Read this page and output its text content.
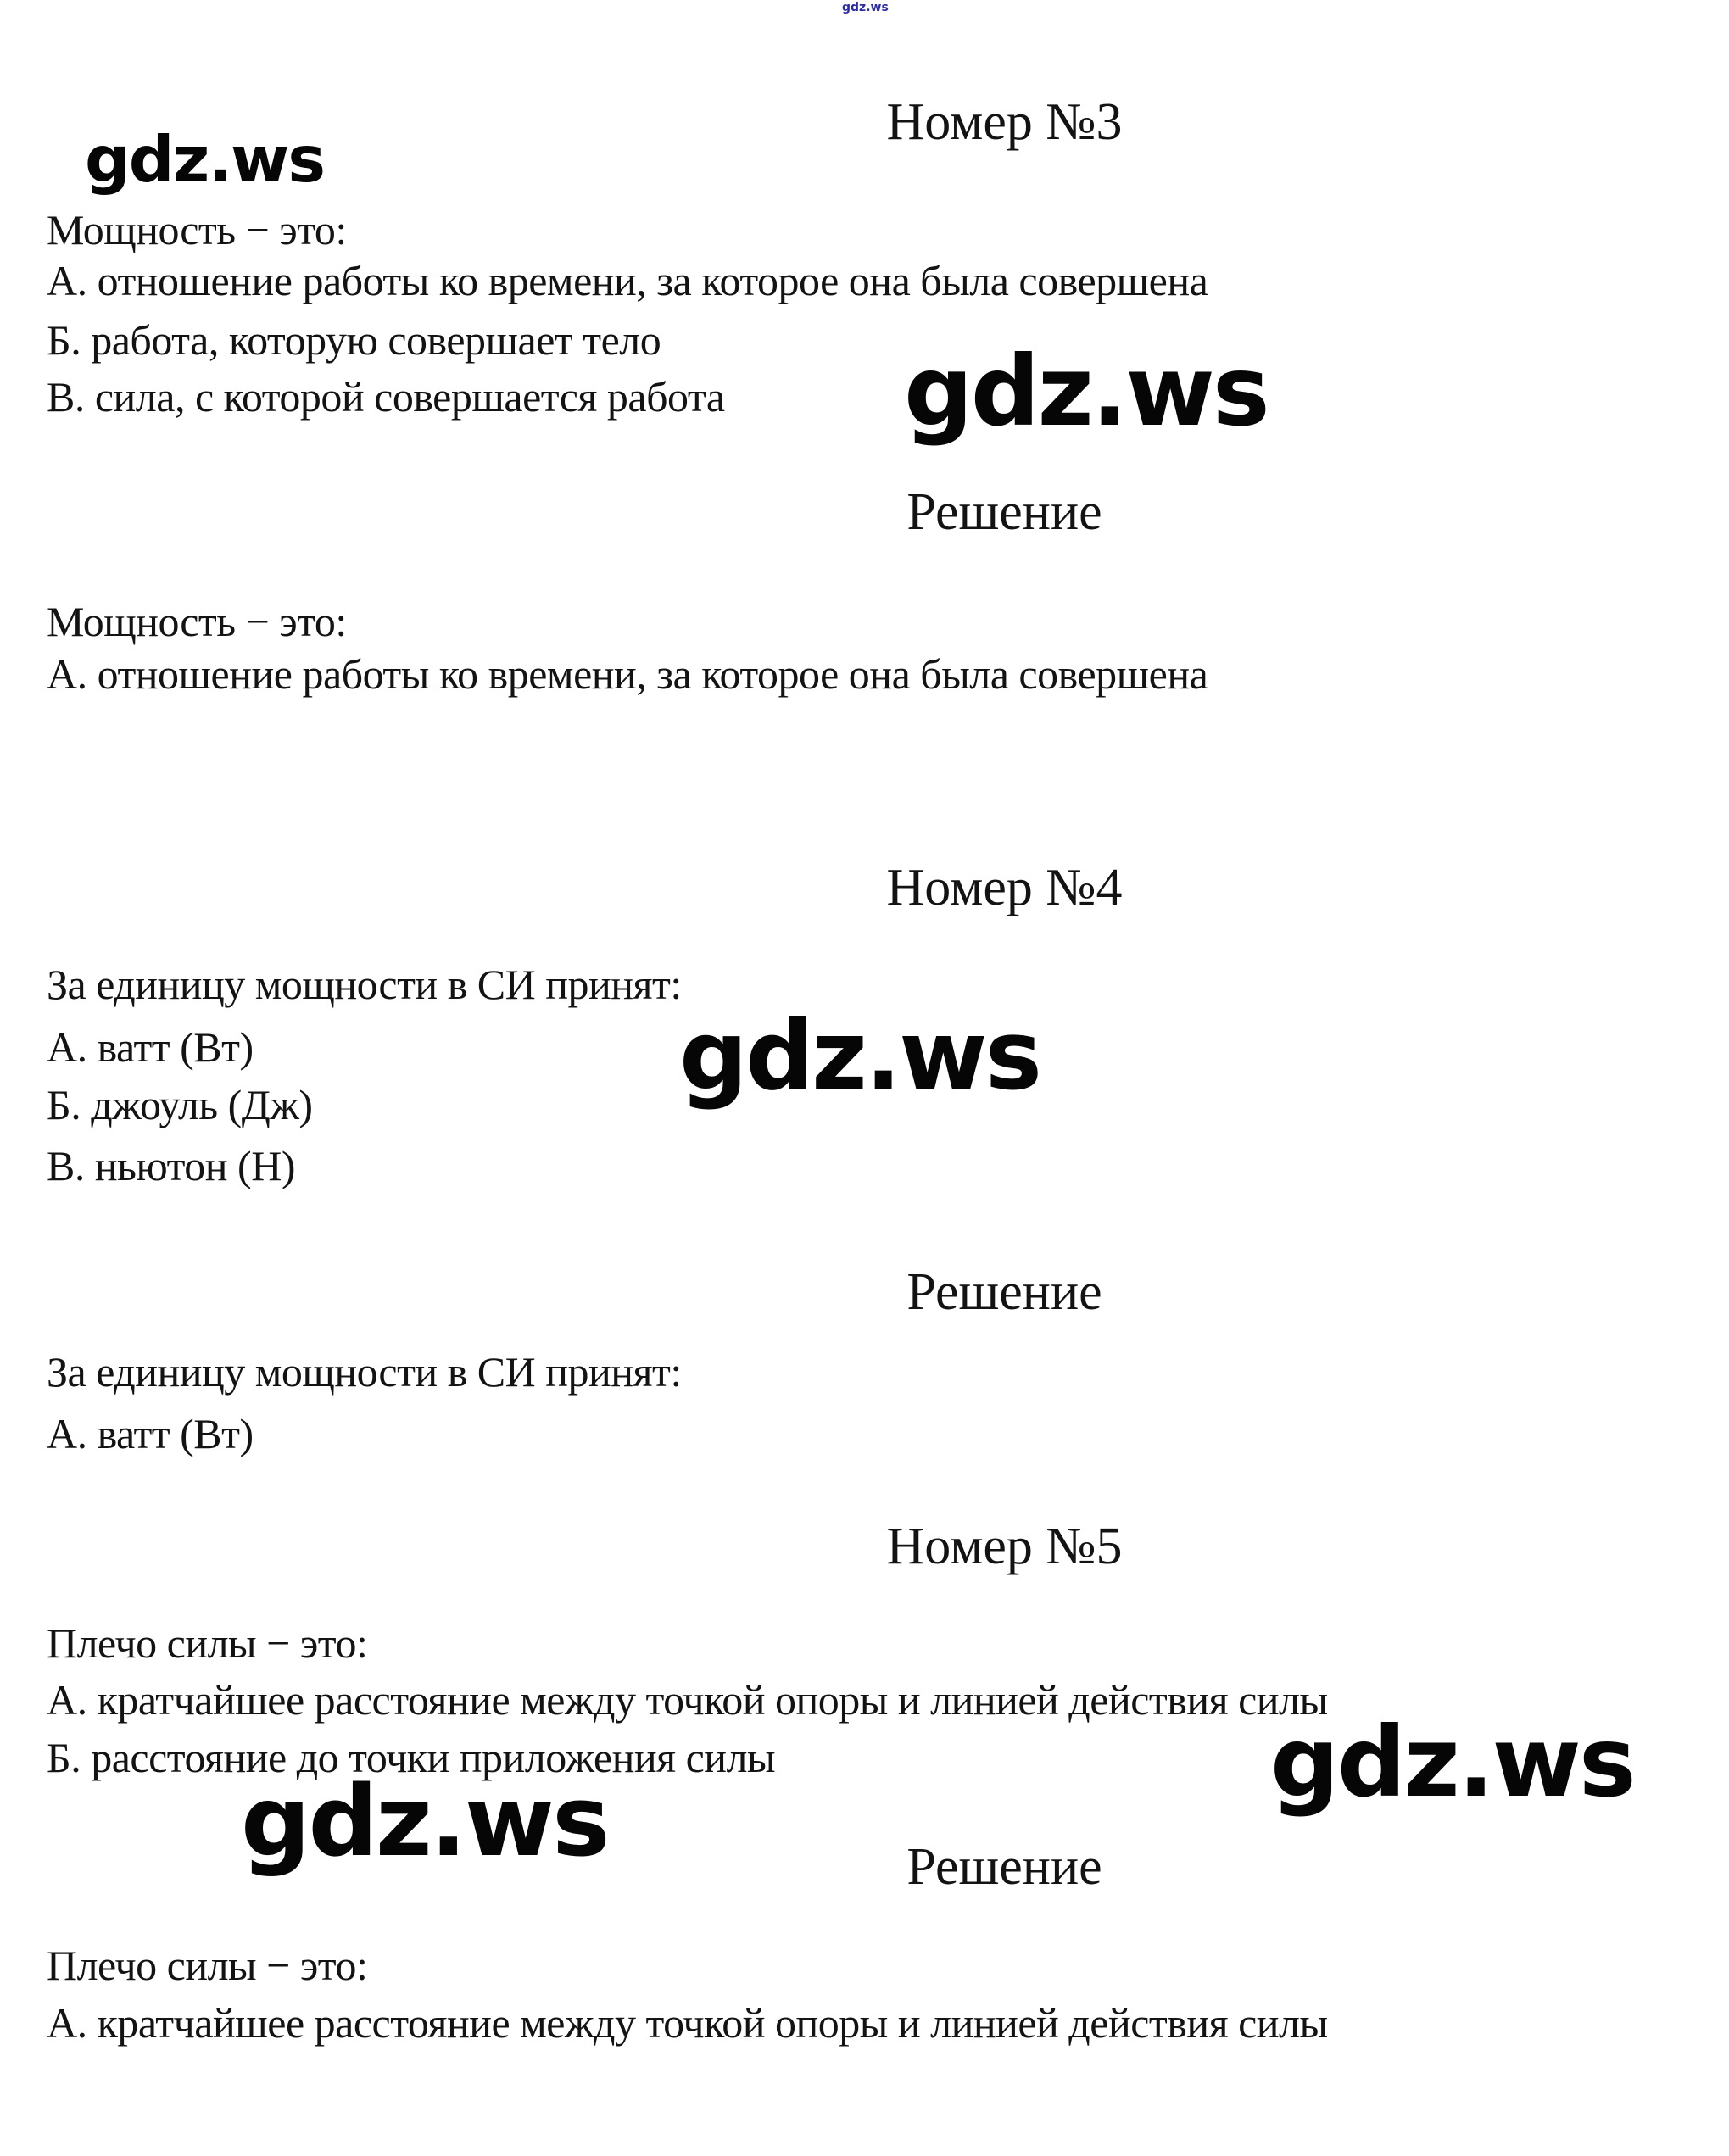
gdz.ws
Номер №3
gdz.ws
Мощность − это:
А. отношение работы ко времени, за которое она была совершена
Б. работа, которую совершает тело
В. сила, с которой совершается работа gdz.ws
Решение
Мощность − это:
А. отношение работы ко времени, за которое она была совершена
Номер №4
За единицу мощности в СИ принят:
А. ватт (Вт)
Б. джоуль (Дж)
В. ньютон (Н)
gdz.ws
Решение
За единицу мощности в СИ принят:
А. ватт (Вт)
Номер №5
Плечо силы − это:
А. кратчайшее расстояние между точкой опоры и линией действия силы
Б. расстояние до точки приложения силы	gdz.ws
gdz.ws	Решение
Плечо силы − это:
А. кратчайшее расстояние между точкой опоры и линией действия силы
